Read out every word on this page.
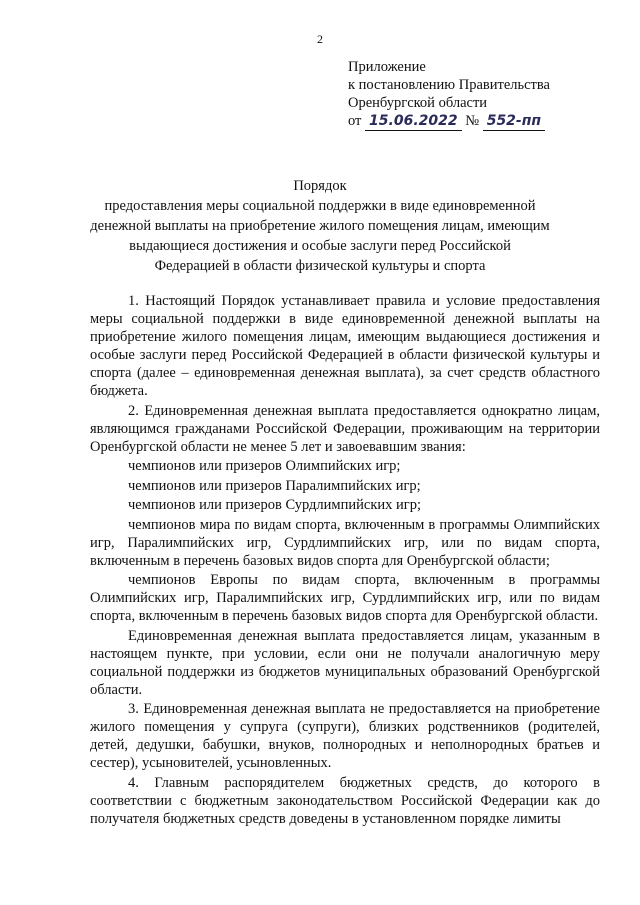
2
Приложение
к постановлению Правительства
Оренбургской области
от 15.06.2022 № 552-пп
Порядок
предоставления меры социальной поддержки в виде единовременной денежной выплаты на приобретение жилого помещения лицам, имеющим выдающиеся достижения и особые заслуги перед Российской Федерацией в области физической культуры и спорта

1. Настоящий Порядок устанавливает правила и условие предоставления меры социальной поддержки в виде единовременной денежной выплаты на приобретение жилого помещения лицам, имеющим выдающиеся достижения и особые заслуги перед Российской Федерацией в области физической культуры и спорта (далее – единовременная денежная выплата), за счет средств областного бюджета.

2. Единовременная денежная выплата предоставляется однократно лицам, являющимся гражданами Российской Федерации, проживающим на территории Оренбургской области не менее 5 лет и завоевавшим звания:

чемпионов или призеров Олимпийских игр;

чемпионов или призеров Паралимпийских игр;

чемпионов или призеров Сурдлимпийских игр;

чемпионов мира по видам спорта, включенным в программы Олимпийских игр, Паралимпийских игр, Сурдлимпийских игр, или по видам спорта, включенным в перечень базовых видов спорта для Оренбургской области;

чемпионов Европы по видам спорта, включенным в программы Олимпийских игр, Паралимпийских игр, Сурдлимпийских игр, или по видам спорта, включенным в перечень базовых видов спорта для Оренбургской области.

Единовременная денежная выплата предоставляется лицам, указанным в настоящем пункте, при условии, если они не получали аналогичную меру социальной поддержки из бюджетов муниципальных образований Оренбургской области.

3. Единовременная денежная выплата не предоставляется на приобретение жилого помещения у супруга (супруги), близких родственников (родителей, детей, дедушки, бабушки, внуков, полнородных и неполнородных братьев и сестер), усыновителей, усыновленных.

4. Главным распорядителем бюджетных средств, до которого в соответствии с бюджетным законодательством Российской Федерации как до получателя бюджетных средств доведены в установленном порядке лимиты
